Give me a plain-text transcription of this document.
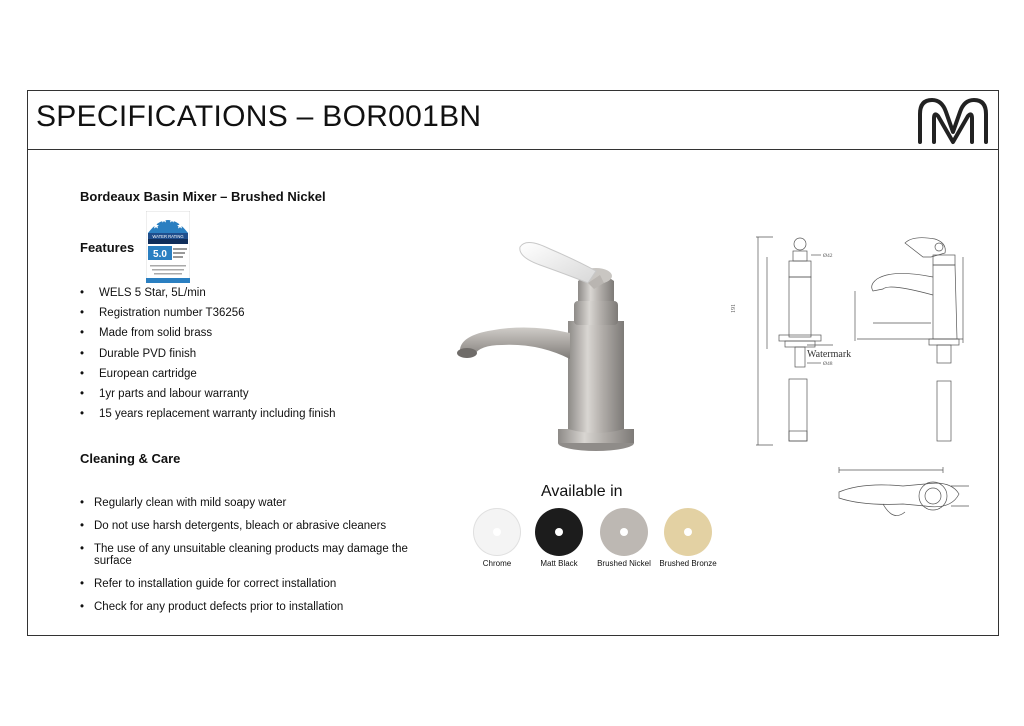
SPECIFICATIONS – BOR001BN
Bordeaux Basin Mixer – Brushed Nickel
Features
WATER RATING
5.0
• WELS 5 Star, 5L/min
• Registration number T36256
• Made from solid brass
• Durable PVD finish
• European cartridge
• 1yr parts and labour warranty
• 15 years replacement warranty including finish
Cleaning & Care
• Regularly clean with mild soapy water
• Do not use harsh detergents, bleach or abrasive cleaners
• The use of any unsuitable cleaning products may damage the surface
• Refer to installation guide for correct installation
• Check for any product defects prior to installation
191
Ø42
Ø48
Watermark
Available in
Chrome	Matt Black	Brushed Nickel	Brushed Bronze
